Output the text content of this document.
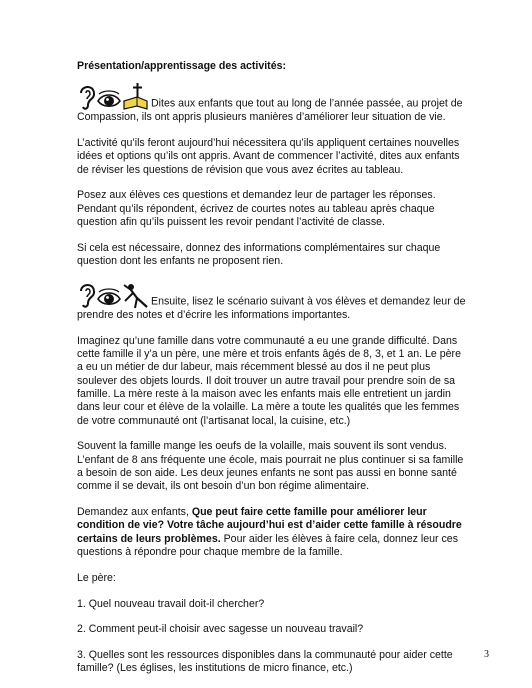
Présentation/apprentissage des activités:

Dites aux enfants que tout au long de l’année passée, au projet de Compassion, ils ont appris plusieurs manières d’améliorer leur situation de vie.

L’activité qu’ils feront aujourd’hui nécessitera qu’ils appliquent certaines nouvelles idées et options qu’ils ont appris. Avant de commencer l’activité, dites aux enfants de réviser les questions de révision que vous avez écrites au tableau.

Posez aux élèves ces questions et demandez leur de partager les réponses. Pendant qu’ils répondent, écrivez de courtes notes au tableau après chaque question afin qu’ils puissent les revoir pendant l’activité de classe.

Si cela est nécessaire, donnez des informations complémentaires sur chaque question dont les enfants ne proposent rien.

Ensuite, lisez le scénario suivant à vos élèves et demandez leur de prendre des notes et d’écrire les informations importantes.

Imaginez qu’une famille dans votre communauté a eu une grande difficulté. Dans cette famille il y’a un père, une mère et trois enfants âgés de 8, 3, et 1 an. Le père a eu un métier de dur labeur, mais récemment blessé au dos il ne peut plus soulever des objets lourds. Il doit trouver un autre travail pour prendre soin de sa famille. La mère reste à la maison avec les enfants mais elle entretient un jardin dans leur cour et élève de la volaille. La mère a toute les qualités que les femmes de votre communauté ont (l’artisanat local, la cuisine, etc.)

Souvent la famille mange les oeufs de la volaille, mais souvent ils sont vendus. L’enfant de 8 ans fréquente une école, mais pourrait ne plus continuer si sa famille a besoin de son aide. Les deux jeunes enfants ne sont pas aussi en bonne santé comme il se devait, ils ont besoin d’un bon régime alimentaire.

Demandez aux enfants, Que peut faire cette famille pour améliorer leur condition de vie? Votre tâche aujourd’hui est d’aider cette famille à résoudre certains de leurs problèmes. Pour aider les élèves à faire cela, donnez leur ces questions à répondre pour chaque membre de la famille.

Le père:

1. Quel nouveau travail doit-il chercher?

2. Comment peut-il choisir avec sagesse un nouveau travail?

3. Quelles sont les ressources disponibles dans la communauté pour aider cette famille? (Les églises, les institutions de micro finance, etc.)

3
